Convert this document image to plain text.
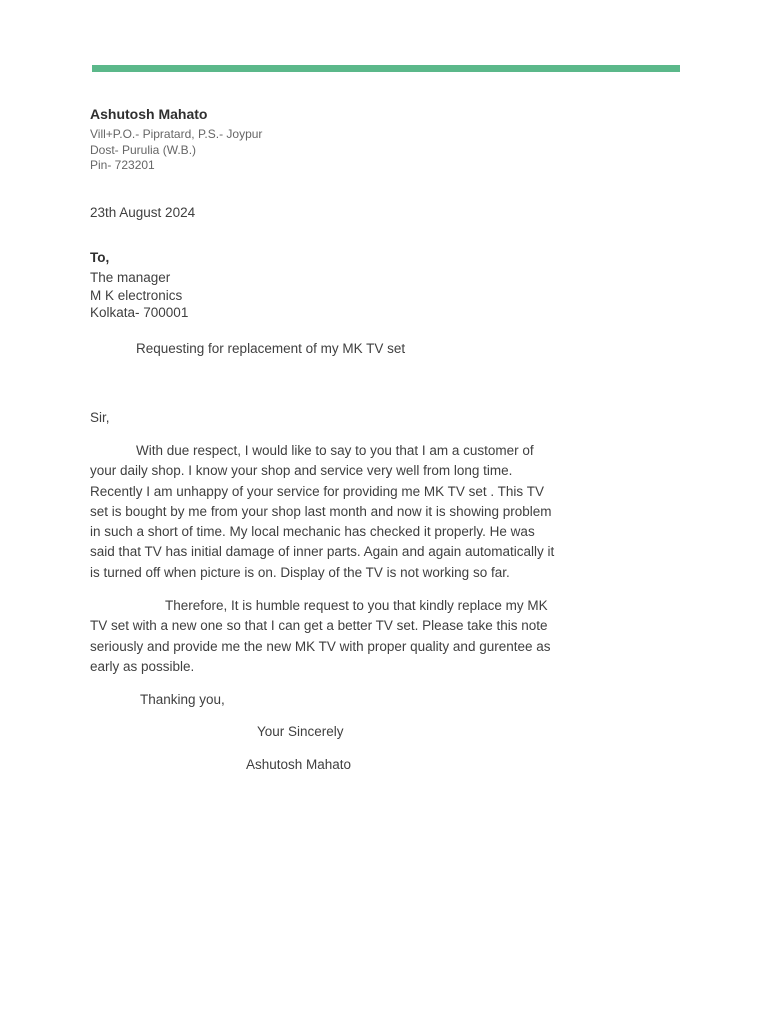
Ashutosh Mahato
Vill+P.O.- Pipratard, P.S.- Joypur
Dost- Purulia (W.B.)
Pin- 723201
23th August 2024
To,
The manager
M K electronics
Kolkata- 700001
Requesting for replacement of my MK TV set
Sir,
With due respect, I would like to say to you that I am a customer of
your daily shop. I know your shop and service very well from long time. Recently I am unhappy of your service for providing me MK TV set . This TV set is bought by me from your shop last month and now it is showing problem in such a short of time. My local mechanic has checked it properly. He was said that TV has initial damage of inner parts. Again and again automatically it is turned off when picture is on. Display of the TV is not working so far.
Therefore, It is humble request to you that kindly replace my MK
TV set with a new one so that I can get a better TV set. Please take this note seriously and provide me the new MK TV with proper quality and gurentee as early as possible.
Thanking you,
Your Sincerely
Ashutosh Mahato
